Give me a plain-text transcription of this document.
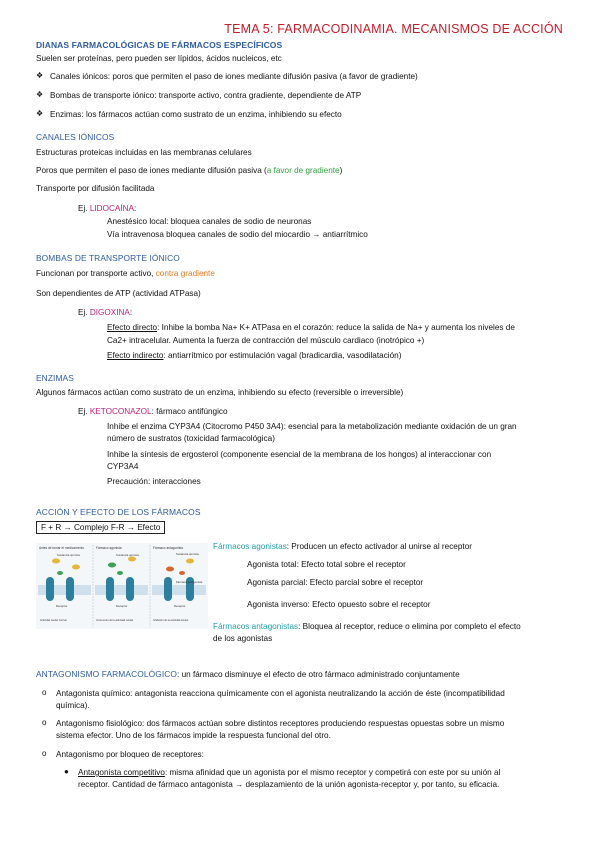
TEMA 5: FARMACODINAMIA. MECANISMOS DE ACCIÓN
DIANAS FARMACOLÓGICAS DE FÁRMACOS ESPECÍFICOS
Suelen ser proteínas, pero pueden ser lípidos, ácidos nucleicos, etc
❖ Canales iónicos: poros que permiten el paso de iones mediante difusión pasiva (a favor de gradiente)
❖ Bombas de transporte iónico: transporte activo, contra gradiente, dependiente de ATP
❖ Enzimas: los fármacos actúan como sustrato de un enzima, inhibiendo su efecto
CANALES IÓNICOS
Estructuras proteicas incluidas en las membranas celulares
Poros que permiten el paso de iones mediante difusión pasiva (a favor de gradiente)
Transporte por difusión facilitada
Ej. LIDOCAÍNA:
Anestésico local: bloquea canales de sodio de neuronas
Vía intravenosa bloquea canales de sodio del miocardio → antiarrítmico
BOMBAS DE TRANSPORTE IÓNICO
Funcionan por transporte activo, contra gradiente
Son dependientes de ATP (actividad ATPasa)
Ej. DIGOXINA:
Efecto directo: Inhibe la bomba Na+ K+ ATPasa en el corazón: reduce la salida de Na+ y aumenta los niveles de
Ca2+ intracelular. Aumenta la fuerza de contracción del músculo cardiaco (inotrópico +)
Efecto indirecto: antiarrítmico por estimulación vagal (bradicardia, vasodilatación)
ENZIMAS
Algunos fármacos actúan como sustrato de un enzima, inhibiendo su efecto (reversible o irreversible)
Ej. KETOCONAZOL: fármaco antifúngico
Inhibe el enzima CYP3A4 (Citocromo P450 3A4): esencial para la metabolización mediante oxidación de un gran
número de sustratos (toxicidad farmacológica)
Inhibe la síntesis de ergosterol (componente esencial de la membrana de los hongos) al interaccionar con
CYP3A4
Precaución: interacciones
ACCIÓN Y EFECTO DE LOS FÁRMACOS
F + R → Complejo F-R → Efecto
Antes de tomar el medicamento	Fármaco agonista	Fármaco antagonista
Sustancia química	Sustancia química	Sustancia química
Fármaco antagonista
Receptor	Receptor	Receptor
Actividad celular normal	Incremento de la actividad celular	Inhibición de la actividad celular
Fármacos agonistas: Producen un efecto activador al unirse al receptor
Agonista total: Efecto total sobre el receptor
Agonista parcial: Efecto parcial sobre el receptor
Agonista inverso: Efecto opuesto sobre el receptor
Fármacos antagonistas: Bloquea al receptor, reduce o elimina por completo el efecto
de los agonistas
ANTAGONISMO FARMACOLÓGICO: un fármaco disminuye el efecto de otro fármaco administrado conjuntamente
o Antagonista químico: antagonista reacciona químicamente con el agonista neutralizando la acción de éste (incompatibilidad
química).
o Antagonismo fisiológico: dos fármacos actúan sobre distintos receptores produciendo respuestas opuestas sobre un mismo
sistema efector. Uno de los fármacos impide la respuesta funcional del otro.
o Antagonismo por bloqueo de receptores:
● Antagonista competitivo: misma afinidad que un agonista por el mismo receptor y competirá con este por su unión al
receptor. Cantidad de fármaco antagonista → desplazamiento de la unión agonista-receptor y, por tanto, su eficacia.
